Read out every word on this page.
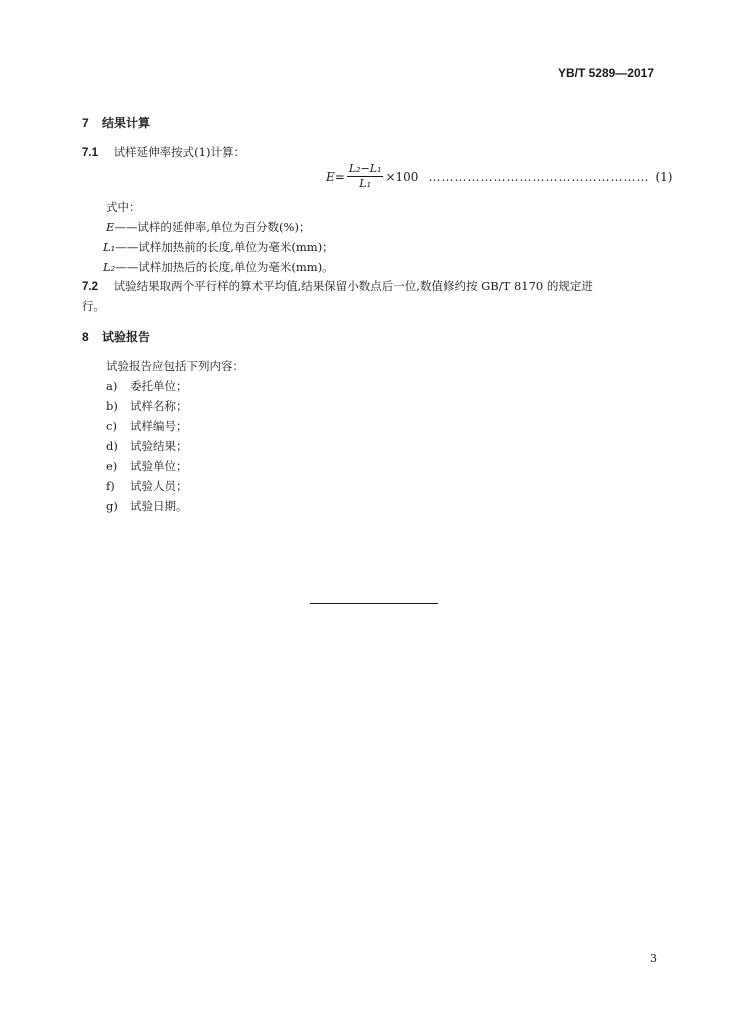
YB/T 5289—2017
7 结果计算
7.1 试样延伸率按式(1)计算：
$E= \frac{\text{L₂−L₁}}{\text{L₁}} \times 100$ …………………………………………… (1)
式中：
E——试样的延伸率,单位为百分数(%)；
L₁——试样加热前的长度,单位为毫米(mm)；
L₂——试样加热后的长度,单位为毫米(mm)。
7.2 试验结果取两个平行样的算术平均值,结果保留小数点后一位,数值修约按 GB/T 8170 的规定进
行。
8 试验报告
试验报告应包括下列内容：
a) 委托单位；
b) 试样名称；
c) 试样编号；
d) 试验结果；
e) 试验单位；
f) 试验人员；
g) 试验日期。
3
